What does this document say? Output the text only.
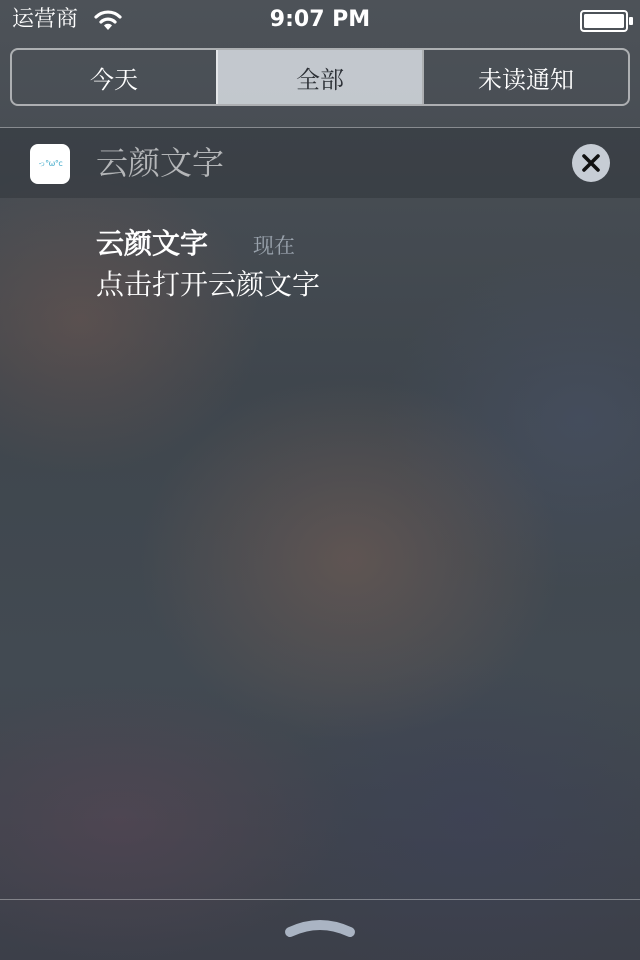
运营商	9:07 PM
今天	全部	未读通知
っ°ω°c 云颜文字
云颜文字 现在
点击打开云颜文字
